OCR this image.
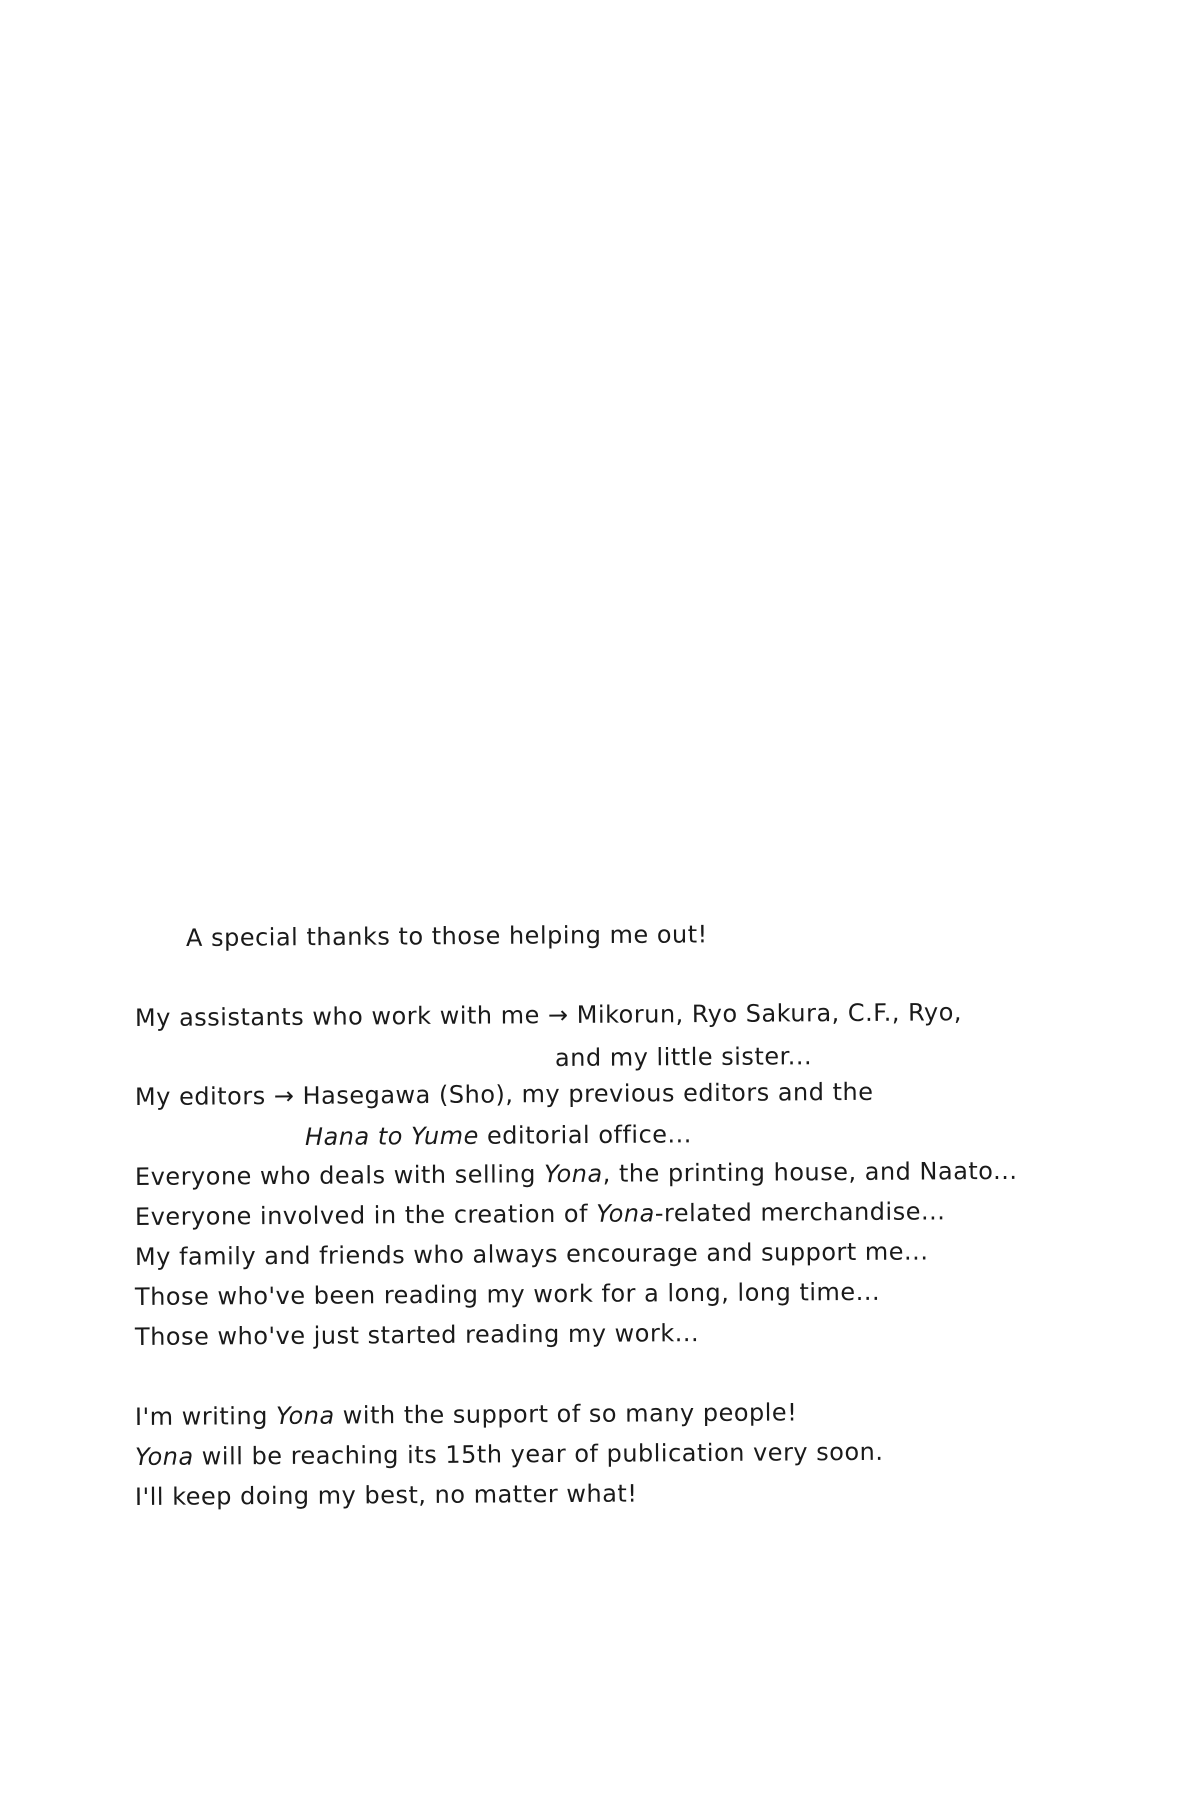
A special thanks to those helping me out!
My assistants who work with me → Mikorun, Ryo Sakura, C.F., Ryo,
and my little sister...
My editors → Hasegawa (Sho), my previous editors and the
Hana to Yume editorial office...
Everyone who deals with selling Yona, the printing house, and Naato...
Everyone involved in the creation of Yona-related merchandise...
My family and friends who always encourage and support me...
Those who've been reading my work for a long, long time...
Those who've just started reading my work...
I'm writing Yona with the support of so many people!
Yona will be reaching its 15th year of publication very soon.
I'll keep doing my best, no matter what!
